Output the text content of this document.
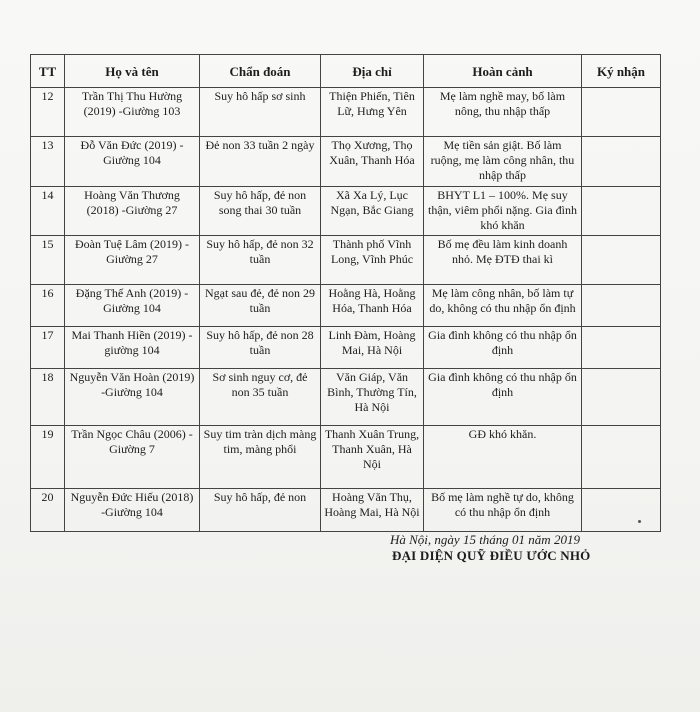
TT	Họ và tên	Chẩn đoán	Địa chỉ	Hoàn cảnh	Ký nhận
12	Trần Thị Thu Hường (2019) -Giường 103	Suy hô hấp sơ sinh	Thiện Phiến, Tiên Lữ, Hưng Yên	Mẹ làm nghề may, bố làm nông, thu nhập thấp	
13	Đỗ Văn Đức (2019) -Giường 104	Đẻ non 33 tuần 2 ngày	Thọ Xương, Thọ Xuân, Thanh Hóa	Mẹ tiền sản giật. Bố làm ruộng, mẹ làm công nhân, thu nhập thấp	
14	Hoàng Văn Thương (2018) -Giường 27	Suy hô hấp, đẻ non song thai 30 tuần	Xã Xa Lý, Lục Ngạn, Bắc Giang	BHYT L1 – 100%. Mẹ suy thận, viêm phổi nặng. Gia đình khó khăn	
15	Đoàn Tuệ Lâm (2019) -Giường 27	Suy hô hấp, đẻ non 32 tuần	Thành phố Vĩnh Long, Vĩnh Phúc	Bố mẹ đều làm kinh doanh nhỏ. Mẹ ĐTĐ thai kì	
16	Đặng Thế Anh (2019) -Giường 104	Ngạt sau đẻ, đẻ non 29 tuần	Hoằng Hà, Hoằng Hóa, Thanh Hóa	Mẹ làm công nhân, bố làm tự do, không có thu nhập ổn định	
17	Mai Thanh Hiền (2019) -giường 104	Suy hô hấp, đẻ non 28 tuần	Linh Đàm, Hoàng Mai, Hà Nội	Gia đình không có thu nhập ổn định	
18	Nguyễn Văn Hoàn (2019) -Giường 104	Sơ sinh nguy cơ, đẻ non 35 tuần	Văn Giáp, Văn Bình, Thường Tín, Hà Nội	Gia đình không có thu nhập ổn định	
19	Trần Ngọc Châu (2006) -Giường 7	Suy tim tràn dịch màng tim, màng phổi	Thanh Xuân Trung, Thanh Xuân, Hà Nội	GĐ khó khăn.	
20	Nguyễn Đức Hiếu (2018) -Giường 104	Suy hô hấp, đẻ non	Hoàng Văn Thụ, Hoàng Mai, Hà Nội	Bố mẹ làm nghề tự do, không có thu nhập ổn định	
Hà Nội, ngày 15 tháng 01 năm 2019
ĐẠI DIỆN QUỸ ĐIỀU ƯỚC NHỎ
